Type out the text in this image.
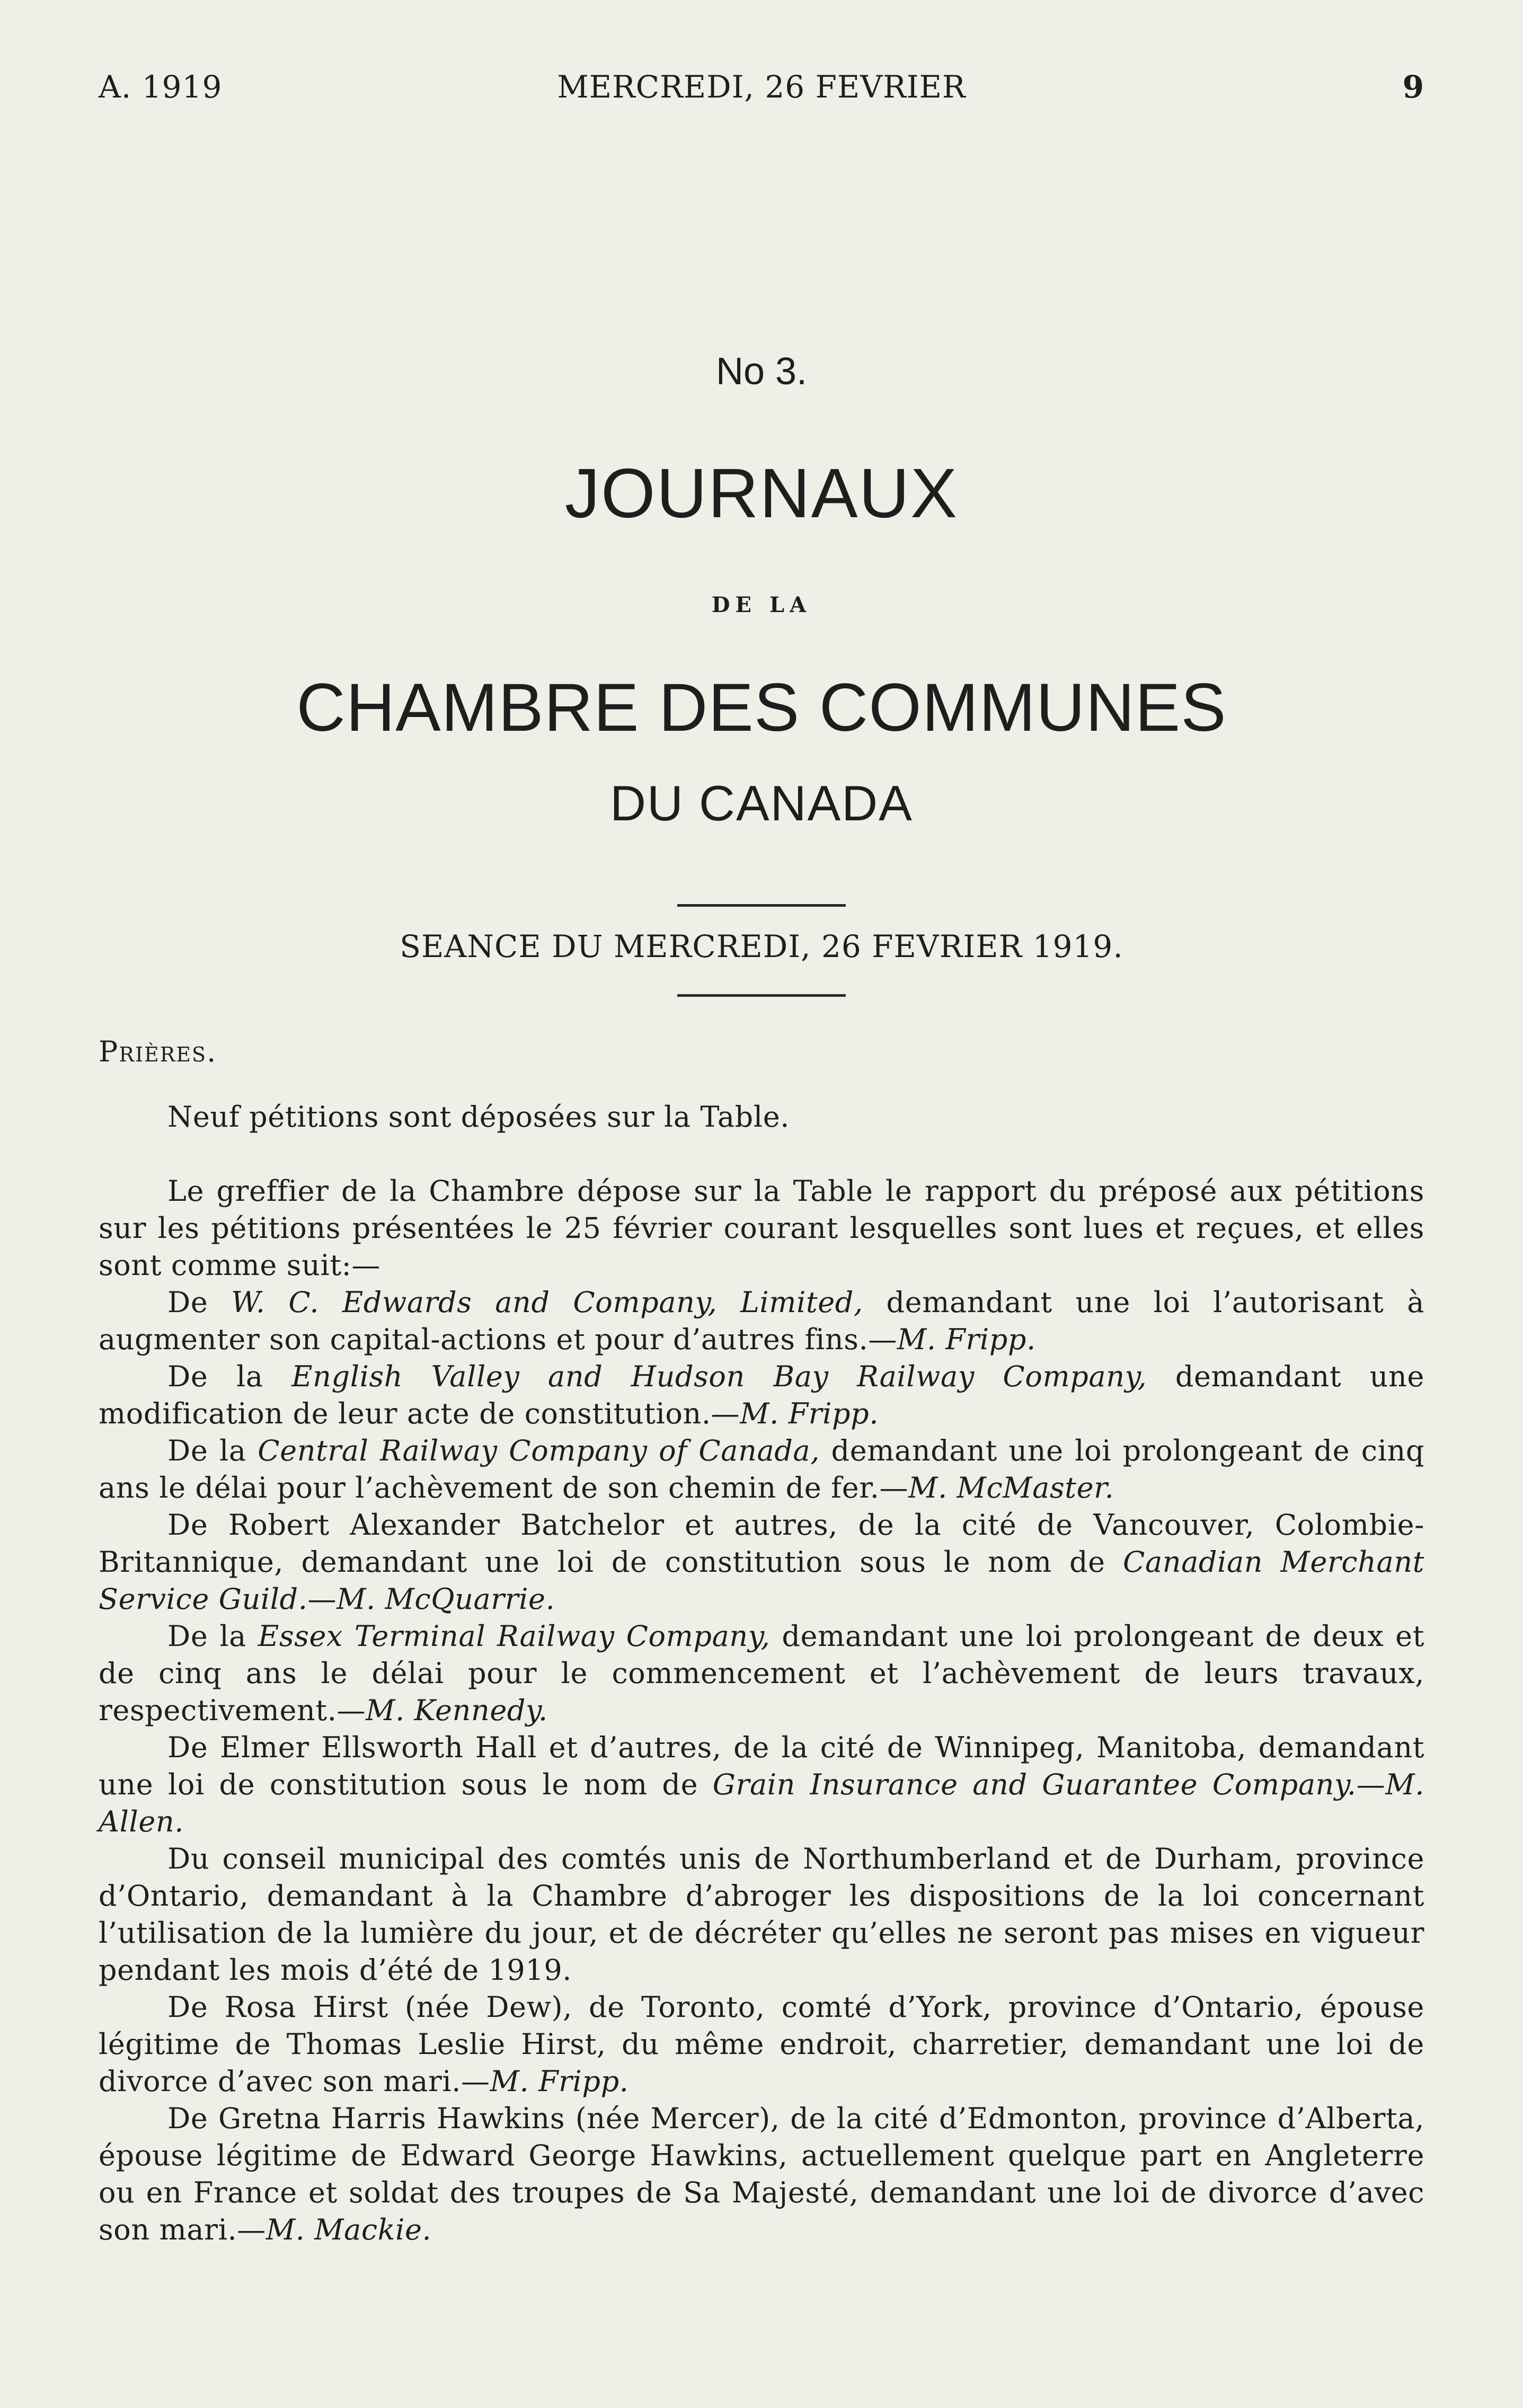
A. 1919	MERCREDI, 26 FEVRIER	9
No 3.
JOURNAUX
DE LA
CHAMBRE DES COMMUNES
DU CANADA
SEANCE DU MERCREDI, 26 FEVRIER 1919.
Prières.
Neuf pétitions sont déposées sur la Table.

Le greffier de la Chambre dépose sur la Table le rapport du préposé aux pétitions sur les pétitions présentées le 25 février courant lesquelles sont lues et reçues, et elles sont comme suit:—

De W. C. Edwards and Company, Limited, demandant une loi l’autorisant à augmenter son capital-actions et pour d’autres fins.—M. Fripp.

De la English Valley and Hudson Bay Railway Company, demandant une modification de leur acte de constitution.—M. Fripp.

De la Central Railway Company of Canada, demandant une loi prolongeant de cinq ans le délai pour l’achèvement de son chemin de fer.—M. McMaster.

De Robert Alexander Batchelor et autres, de la cité de Vancouver, Colombie-Britannique, demandant une loi de constitution sous le nom de Canadian Merchant Service Guild.—M. McQuarrie.

De la Essex Terminal Railway Company, demandant une loi prolongeant de deux et de cinq ans le délai pour le commencement et l’achèvement de leurs travaux, respectivement.—M. Kennedy.

De Elmer Ellsworth Hall et d’autres, de la cité de Winnipeg, Manitoba, demandant une loi de constitution sous le nom de Grain Insurance and Guarantee Company.—M. Allen.

Du conseil municipal des comtés unis de Northumberland et de Durham, province d’Ontario, demandant à la Chambre d’abroger les dispositions de la loi concernant l’utilisation de la lumière du jour, et de décréter qu’elles ne seront pas mises en vigueur pendant les mois d’été de 1919.

De Rosa Hirst (née Dew), de Toronto, comté d’York, province d’Ontario, épouse légitime de Thomas Leslie Hirst, du même endroit, charretier, demandant une loi de divorce d’avec son mari.—M. Fripp.

De Gretna Harris Hawkins (née Mercer), de la cité d’Edmonton, province d’Alberta, épouse légitime de Edward George Hawkins, actuellement quelque part en Angleterre ou en France et soldat des troupes de Sa Majesté, demandant une loi de divorce d’avec son mari.—M. Mackie.
